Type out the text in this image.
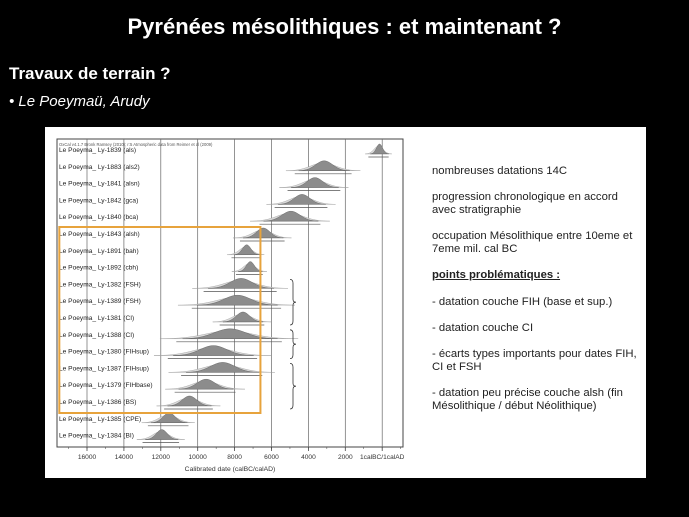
Pyrénées mésolithiques : et maintenant ?
Travaux de terrain ?
• Le Poeymaü, Arudy
OxCal v4.1.7 Bronk Ramsey (2010); r:5 Atmospheric data from Reimer et al (2009)
16000	14000	12000	10000	8000	6000	4000	2000 1calBC/1calAD
Calibrated date (calBC/calAD)
Le Poeyma_ Ly-1839 (als)
Le Poeyma_ Ly-1883 (als2)
Le Poeyma_ Ly-1841 (alsn)
Le Poeyma_ Ly-1842 (gca)
Le Poeyma_ Ly-1840 (bca)
Le Poeyma_ Ly-1843 (alsh)
Le Poeyma_ Ly-1891 (bah)
Le Poeyma_ Ly-1892 (cbh)
Le Poeyma_ Ly-1382 (FSH)
Le Poeyma_ Ly-1389 (FSH)
Le Poeyma_ Ly-1381 (CI)
Le Poeyma_ Ly-1388 (CI)
Le Poeyma_ Ly-1380 (FIHsup)
Le Poeyma_ Ly-1387 (FIHsup)
Le Poeyma_ Ly-1379 (FIHbase)
Le Poeyma_ Ly-1386 (BS)
Le Poeyma_ Ly-1385 (CPE)
Le Poeyma_ Ly-1384 (BI)

nombreuses datations 14C

progression chronologique en accord avec stratigraphie

occupation Mésolithique entre 10eme et 7eme mil. cal BC

points problématiques :

- datation couche FIH (base et sup.)

- datation couche CI

- écarts types importants pour dates FIH, CI et FSH

- datation peu précise couche alsh (fin Mésolithique / début Néolithique)
